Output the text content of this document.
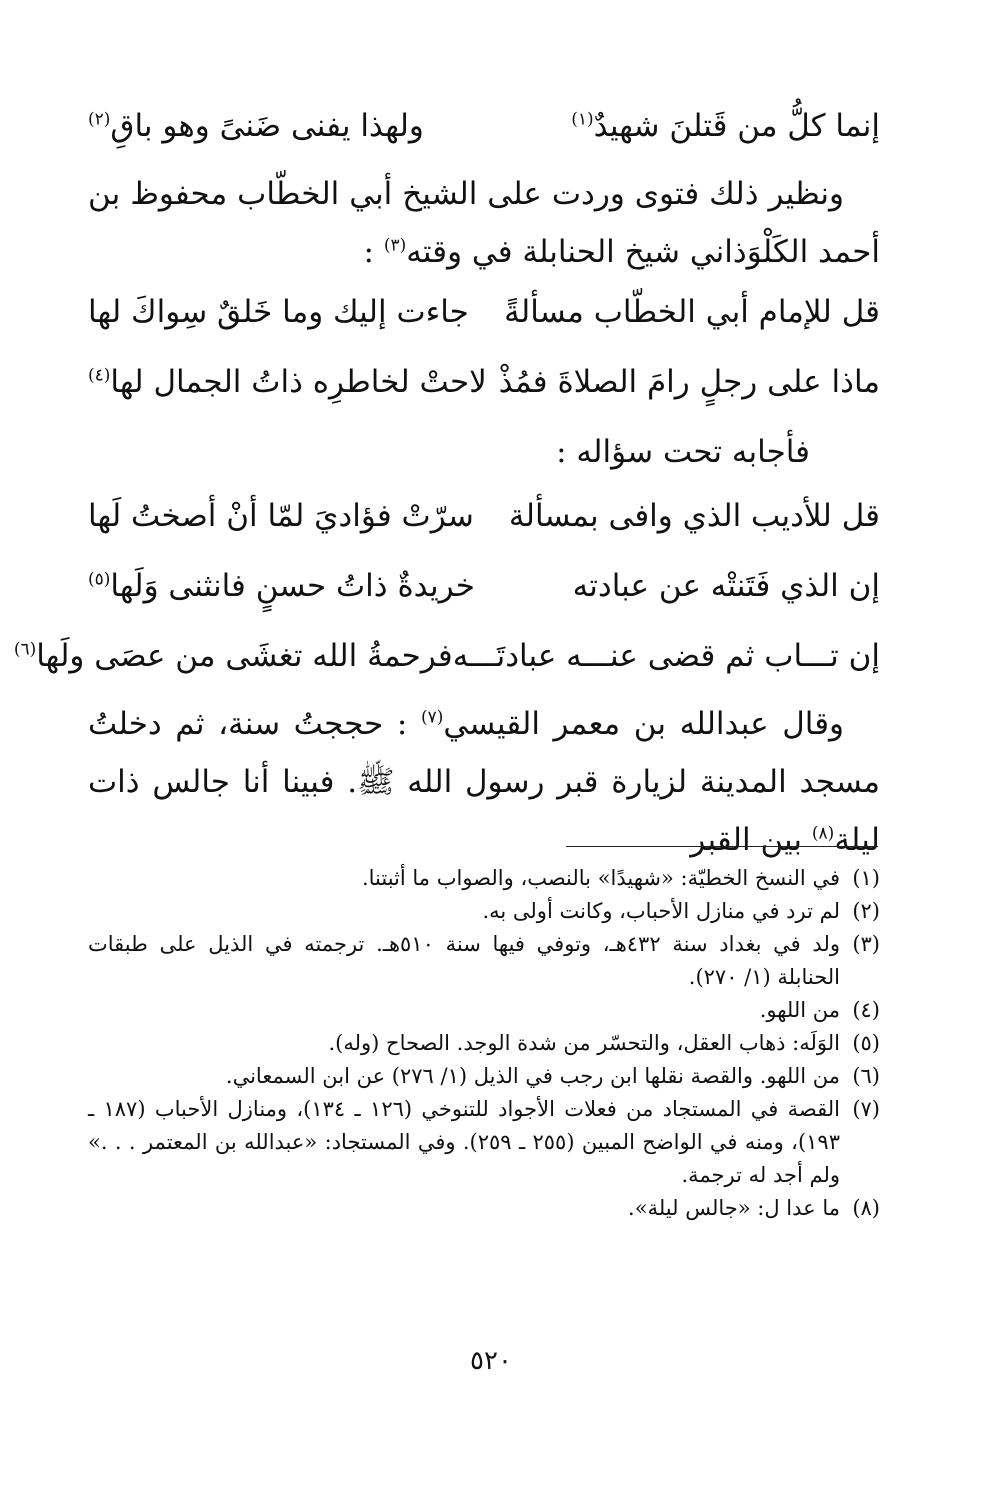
إنما كلُّ من قَتلنَ شهيدٌ$^{(١)}$
ولهذا يفنى ضَنىً وهو باقِ$^{(٢)}$

ونظير ذلك فتوى وردت على الشيخ أبي الخطّاب محفوظ بن أحمد الكَلْوَذاني شيخ الحنابلة في وقته$^{(٣)}$ :

قل للإمام أبي الخطّاب مسألةً
جاءت إليك وما خَلقٌ سِواكَ لها
ماذا على رجلٍ رامَ الصلاةَ فمُذْ
لاحتْ لخاطرِه ذاتُ الجمال لها$^{(٤)}$
فأجابه تحت سؤاله :
قل للأديب الذي وافى بمسألة
سرّتْ فؤاديَ لمّا أنْ أصختُ لَها
إن الذي فَتَنتْه عن عبادته
خريدةٌ ذاتُ حسنٍ فانثنى وَلَها$^{(٥)}$
إن تـــاب ثم قضى عنـــه عبادتَـــه
فرحمةُ الله تغشَى من عصَى ولَها$^{(٦)}$

وقال عبدالله بن معمر القيسي$^{(٧)}$ : حججتُ سنة، ثم دخلتُ مسجد المدينة لزيارة قبر رسول الله ﷺ. فبينا أنا جالس ذات ليلة$^{(٨)}$ بين القبر

(١)
في النسخ الخطيّة: «شهيدًا» بالنصب، والصواب ما أثبتنا.
(٢)
لم ترد في منازل الأحباب، وكانت أولى به.
(٣)
ولد في بغداد سنة ٤٣٢هـ، وتوفي فيها سنة ٥١٠هـ. ترجمته في الذيل على طبقات الحنابلة (١/ ٢٧٠).
(٤)
من اللهو.
(٥)
الوَلَه: ذهاب العقل، والتحسّر من شدة الوجد. الصحاح (وله).
(٦)
من اللهو. والقصة نقلها ابن رجب في الذيل (١/ ٢٧٦) عن ابن السمعاني.
(٧)
القصة في المستجاد من فعلات الأجواد للتنوخي (١٢٦ ـ ١٣٤)، ومنازل الأحباب (١٨٧ ـ ١٩٣)، ومنه في الواضح المبين (٢٥٥ ـ ٢٥٩). وفي المستجاد: «عبدالله بن المعتمر . . .» ولم أجد له ترجمة.
(٨)
ما عدا ل: «جالس ليلة».
٥٢٠
